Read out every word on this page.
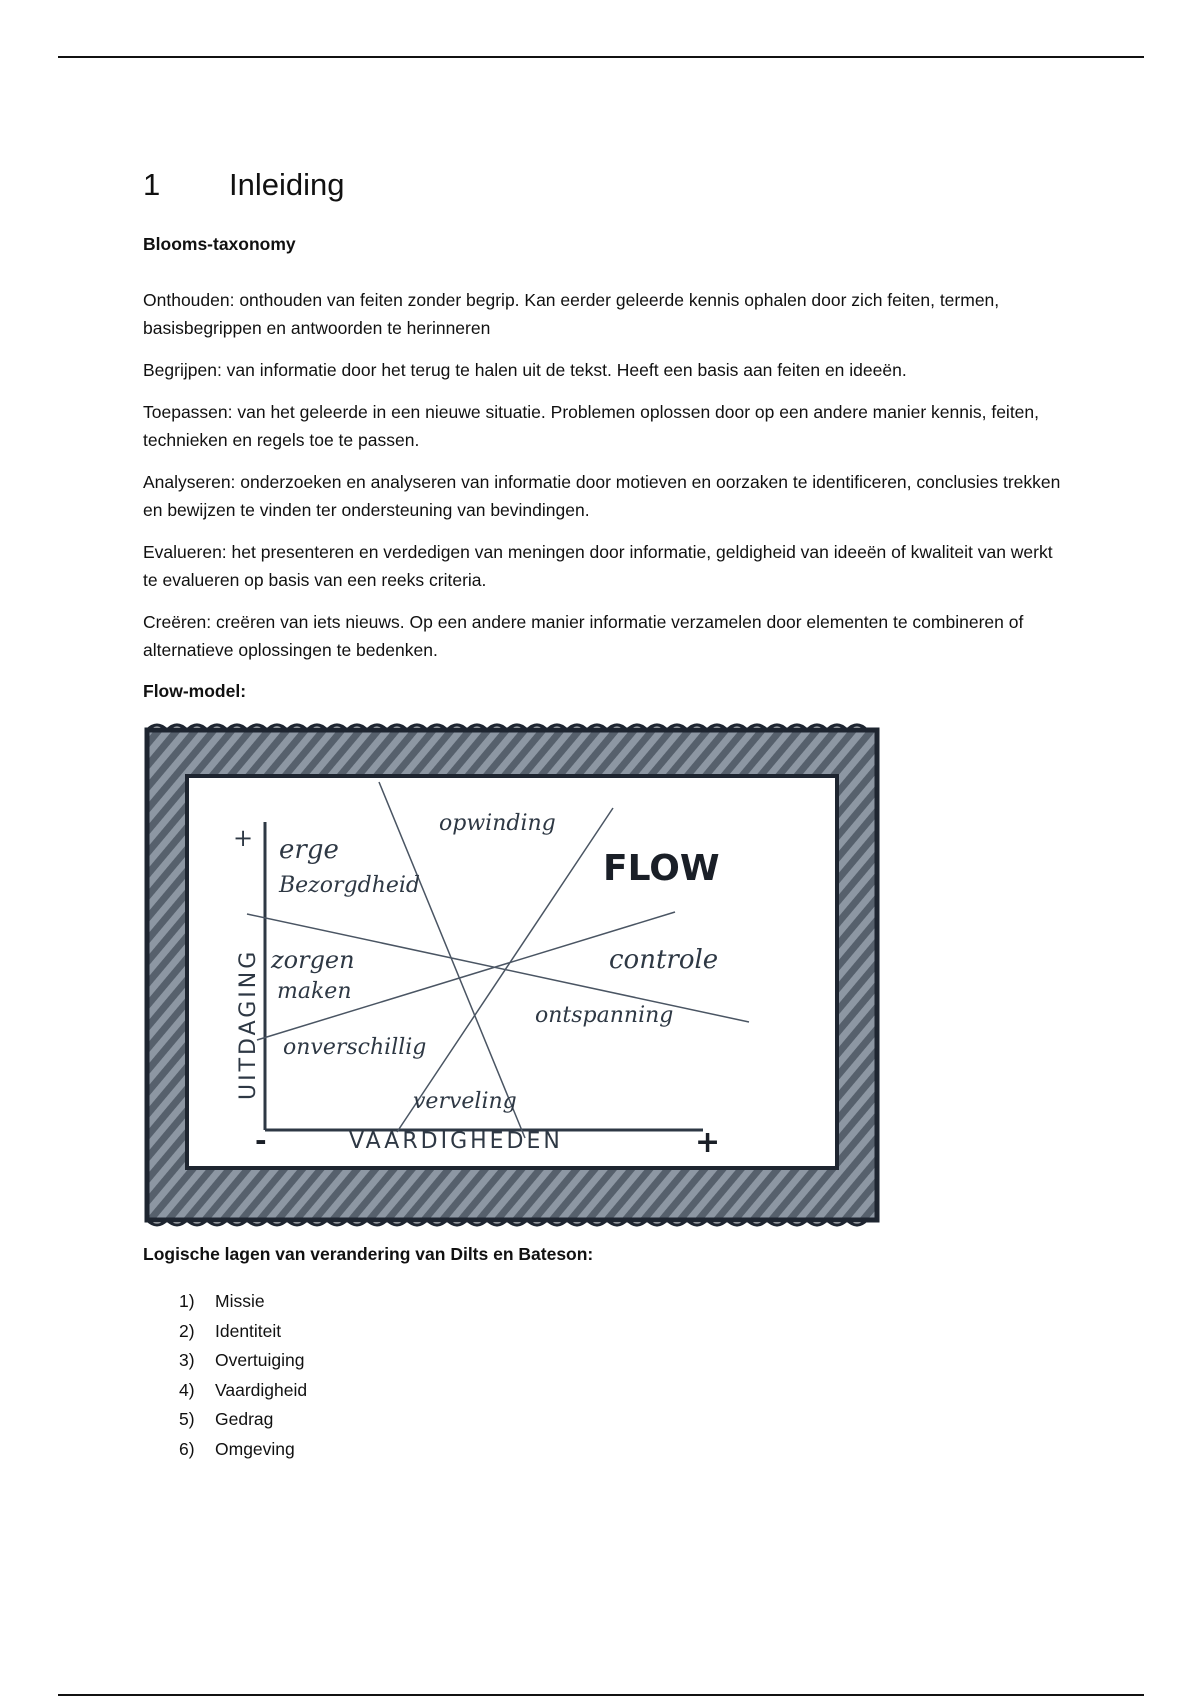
1	Inleiding

Blooms-taxonomy

Onthouden: onthouden van feiten zonder begrip. Kan eerder geleerde kennis ophalen door zich feiten, termen, basisbegrippen en antwoorden te herinneren

Begrijpen: van informatie door het terug te halen uit de tekst. Heeft een basis aan feiten en ideeën.

Toepassen: van het geleerde in een nieuwe situatie. Problemen oplossen door op een andere manier kennis, feiten, technieken en regels toe te passen.

Analyseren: onderzoeken en analyseren van informatie door motieven en oorzaken te identificeren, conclusies trekken en bewijzen te vinden ter ondersteuning van bevindingen.

Evalueren: het presenteren en verdedigen van meningen door informatie, geldigheid van ideeën of kwaliteit van werkt te evalueren op basis van een reeks criteria.

Creëren: creëren van iets nieuws. Op een andere manier informatie verzamelen door elementen te combineren of alternatieve oplossingen te bedenken.

Flow-model:

+ erge
Bezorgdheid
opwinding
FLOW
zorgen
maken
controle
onverschillig
ontspanning
verveling
UITDAGING
VAARDIGHEDEN
-	+

Logische lagen van verandering van Dilts en Bateson:

1)	Missie
2)	Identiteit
3)	Overtuiging
4)	Vaardigheid
5)	Gedrag
6)	Omgeving
